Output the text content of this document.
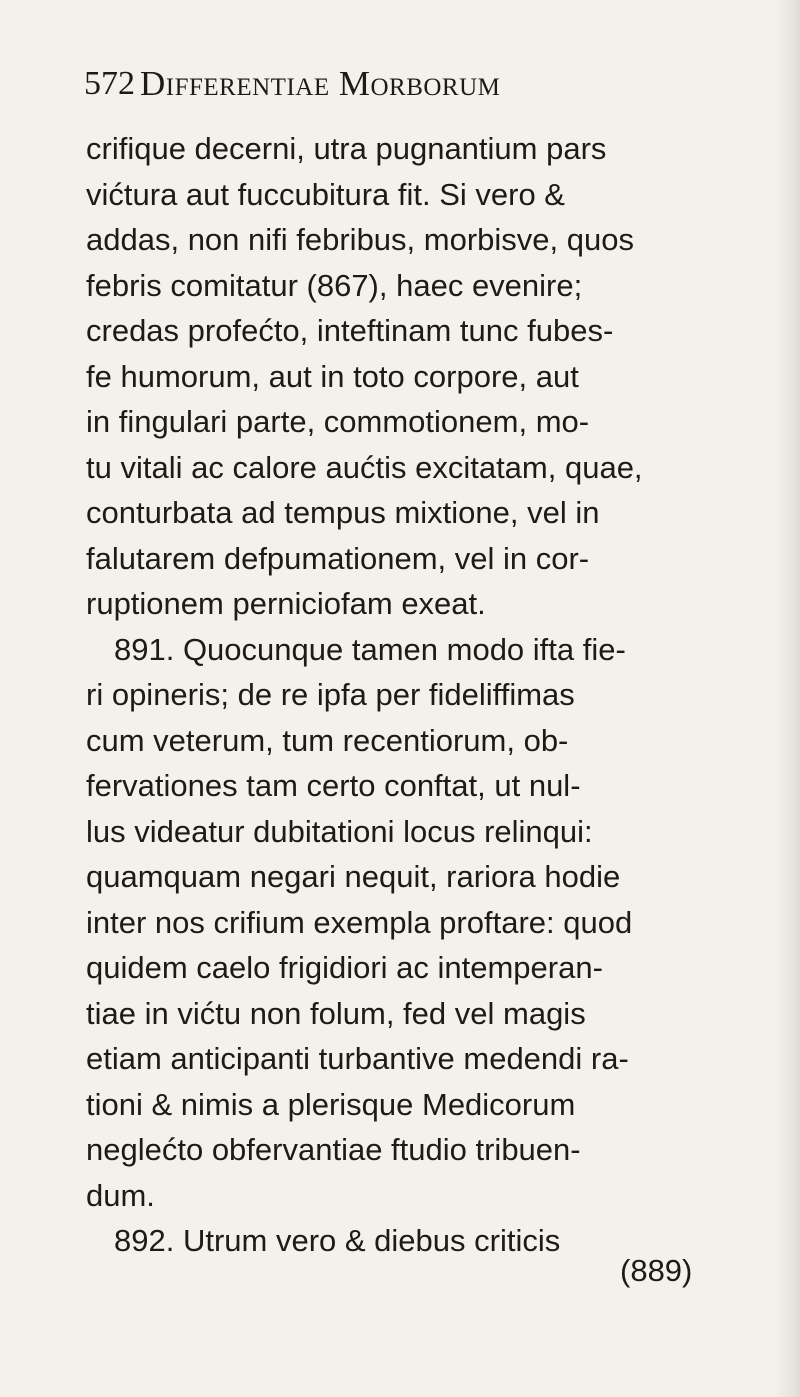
572 Differentiae Morborum
crifique decerni, utra pugnantium pars
vićtura aut fuccubitura fit. Si vero &
addas, non nifi febribus, morbisve, quos
febris comitatur (867), haec evenire;
credas profećto, inteftinam tunc fubes-
fe humorum, aut in toto corpore, aut
in fingulari parte, commotionem, mo-
tu vitali ac calore aućtis excitatam, quae,
conturbata ad tempus mixtione, vel in
falutarem defpumationem, vel in cor-
ruptionem perniciofam exeat.
891. Quocunque tamen modo ifta fie-
ri opineris; de re ipfa per fideliffimas
cum veterum, tum recentiorum, ob-
fervationes tam certo conftat, ut nul-
lus videatur dubitationi locus relinqui:
quamquam negari nequit, rariora hodie
inter nos crifium exempla proftare: quod
quidem caelo frigidiori ac intemperan-
tiae in vićtu non folum, fed vel magis
etiam anticipanti turbantive medendi ra-
tioni & nimis a plerisque Medicorum
neglećto obfervantiae ftudio tribuen-
dum.
892. Utrum vero & diebus criticis
(889)
